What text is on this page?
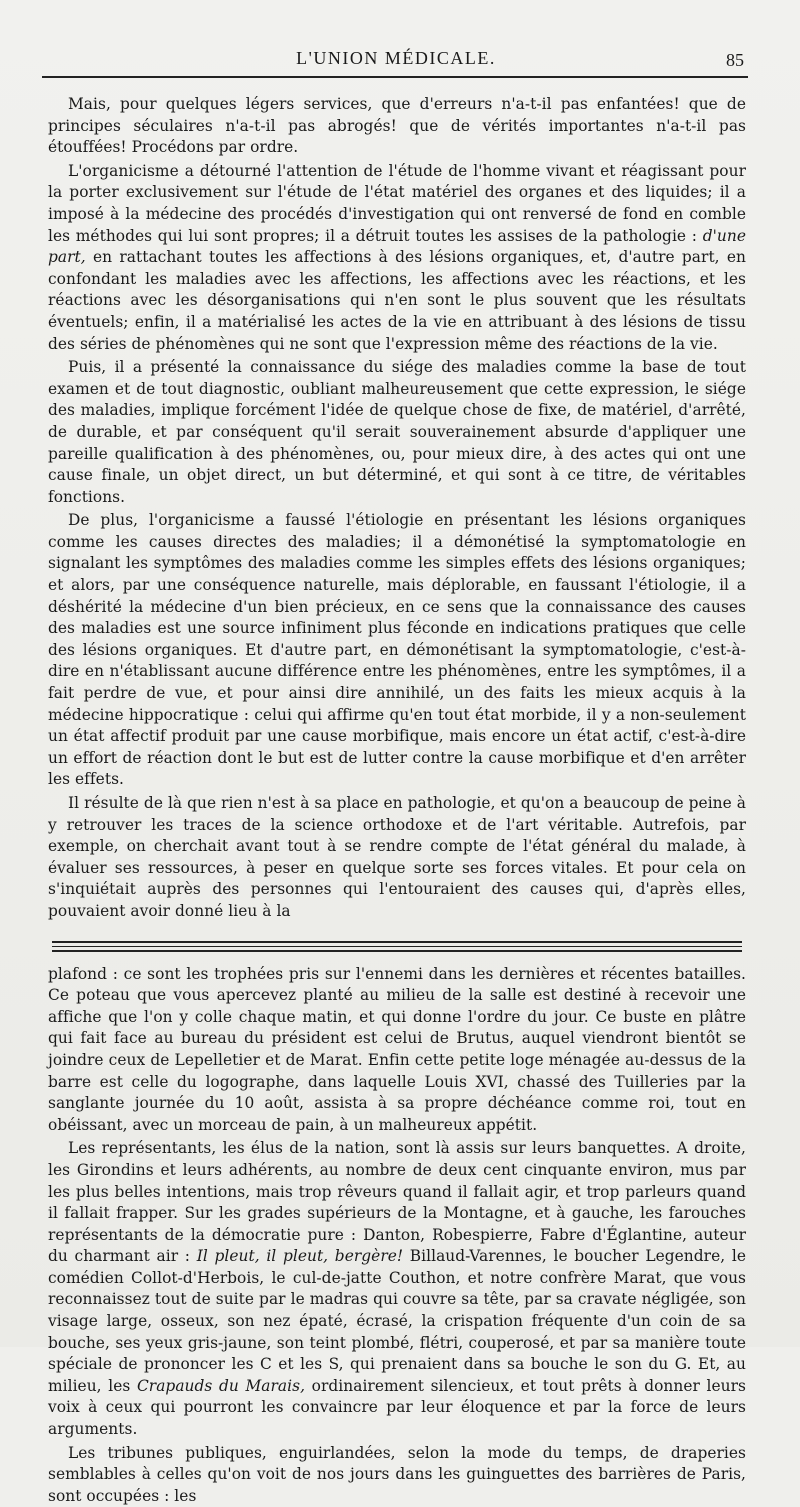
L'UNION MÉDICALE.	85

Mais, pour quelques légers services, que d'erreurs n'a-t-il pas enfantées! que de principes séculaires n'a-t-il pas abrogés! que de vérités importantes n'a-t-il pas étouffées! Procédons par ordre.

L'organicisme a détourné l'attention de l'étude de l'homme vivant et réagissant pour la porter exclusivement sur l'étude de l'état matériel des organes et des liquides; il a imposé à la médecine des procédés d'investigation qui ont renversé de fond en comble les méthodes qui lui sont propres; il a détruit toutes les assises de la pathologie : d'une part, en rattachant toutes les affections à des lésions organiques, et, d'autre part, en confondant les maladies avec les affections, les affections avec les réactions, et les réactions avec les désorganisations qui n'en sont le plus souvent que les résultats éventuels; enfin, il a matérialisé les actes de la vie en attribuant à des lésions de tissu des séries de phénomènes qui ne sont que l'expression même des réactions de la vie.

Puis, il a présenté la connaissance du siége des maladies comme la base de tout examen et de tout diagnostic, oubliant malheureusement que cette expression, le siége des maladies, implique forcément l'idée de quelque chose de fixe, de matériel, d'arrêté, de durable, et par conséquent qu'il serait souverainement absurde d'appliquer une pareille qualification à des phénomènes, ou, pour mieux dire, à des actes qui ont une cause finale, un objet direct, un but déterminé, et qui sont à ce titre, de véritables fonctions.

De plus, l'organicisme a faussé l'étiologie en présentant les lésions organiques comme les causes directes des maladies; il a démonétisé la symptomatologie en signalant les symptômes des maladies comme les simples effets des lésions organiques; et alors, par une conséquence naturelle, mais déplorable, en faussant l'étiologie, il a déshérité la médecine d'un bien précieux, en ce sens que la connaissance des causes des maladies est une source infiniment plus féconde en indications pratiques que celle des lésions organiques. Et d'autre part, en démonétisant la symptomatologie, c'est-à-dire en n'établissant aucune différence entre les phénomènes, entre les symptômes, il a fait perdre de vue, et pour ainsi dire annihilé, un des faits les mieux acquis à la médecine hippocratique : celui qui affirme qu'en tout état morbide, il y a non-seulement un état affectif produit par une cause morbifique, mais encore un état actif, c'est-à-dire un effort de réaction dont le but est de lutter contre la cause morbifique et d'en arrêter les effets.

Il résulte de là que rien n'est à sa place en pathologie, et qu'on a beaucoup de peine à y retrouver les traces de la science orthodoxe et de l'art véritable. Autrefois, par exemple, on cherchait avant tout à se rendre compte de l'état général du malade, à évaluer ses ressources, à peser en quelque sorte ses forces vitales. Et pour cela on s'inquiétait auprès des personnes qui l'entouraient des causes qui, d'après elles, pouvaient avoir donné lieu à la

plafond : ce sont les trophées pris sur l'ennemi dans les dernières et récentes batailles. Ce poteau que vous apercevez planté au milieu de la salle est destiné à recevoir une affiche que l'on y colle chaque matin, et qui donne l'ordre du jour. Ce buste en plâtre qui fait face au bureau du président est celui de Brutus, auquel viendront bientôt se joindre ceux de Lepelletier et de Marat. Enfin cette petite loge ménagée au-dessus de la barre est celle du logographe, dans laquelle Louis XVI, chassé des Tuilleries par la sanglante journée du 10 août, assista à sa propre déchéance comme roi, tout en obéissant, avec un morceau de pain, à un malheureux appétit.

Les représentants, les élus de la nation, sont là assis sur leurs banquettes. A droite, les Girondins et leurs adhérents, au nombre de deux cent cinquante environ, mus par les plus belles intentions, mais trop rêveurs quand il fallait agir, et trop parleurs quand il fallait frapper. Sur les grades supérieurs de la Montagne, et à gauche, les farouches représentants de la démocratie pure : Danton, Robespierre, Fabre d'Églantine, auteur du charmant air : Il pleut, il pleut, bergère! Billaud-Varennes, le boucher Legendre, le comédien Collot-d'Herbois, le cul-de-jatte Couthon, et notre confrère Marat, que vous reconnaissez tout de suite par le madras qui couvre sa tête, par sa cravate négligée, son visage large, osseux, son nez épaté, écrasé, la crispation fréquente d'un coin de sa bouche, ses yeux gris-jaune, son teint plombé, flétri, couperosé, et par sa manière toute spéciale de prononcer les C et les S, qui prenaient dans sa bouche le son du G. Et, au milieu, les Crapauds du Marais, ordinairement silencieux, et tout prêts à donner leurs voix à ceux qui pourront les convaincre par leur éloquence et par la force de leurs arguments.

Les tribunes publiques, enguirlandées, selon la mode du temps, de draperies semblables à celles qu'on voit de nos jours dans les guinguettes des barrières de Paris, sont occupées : les
